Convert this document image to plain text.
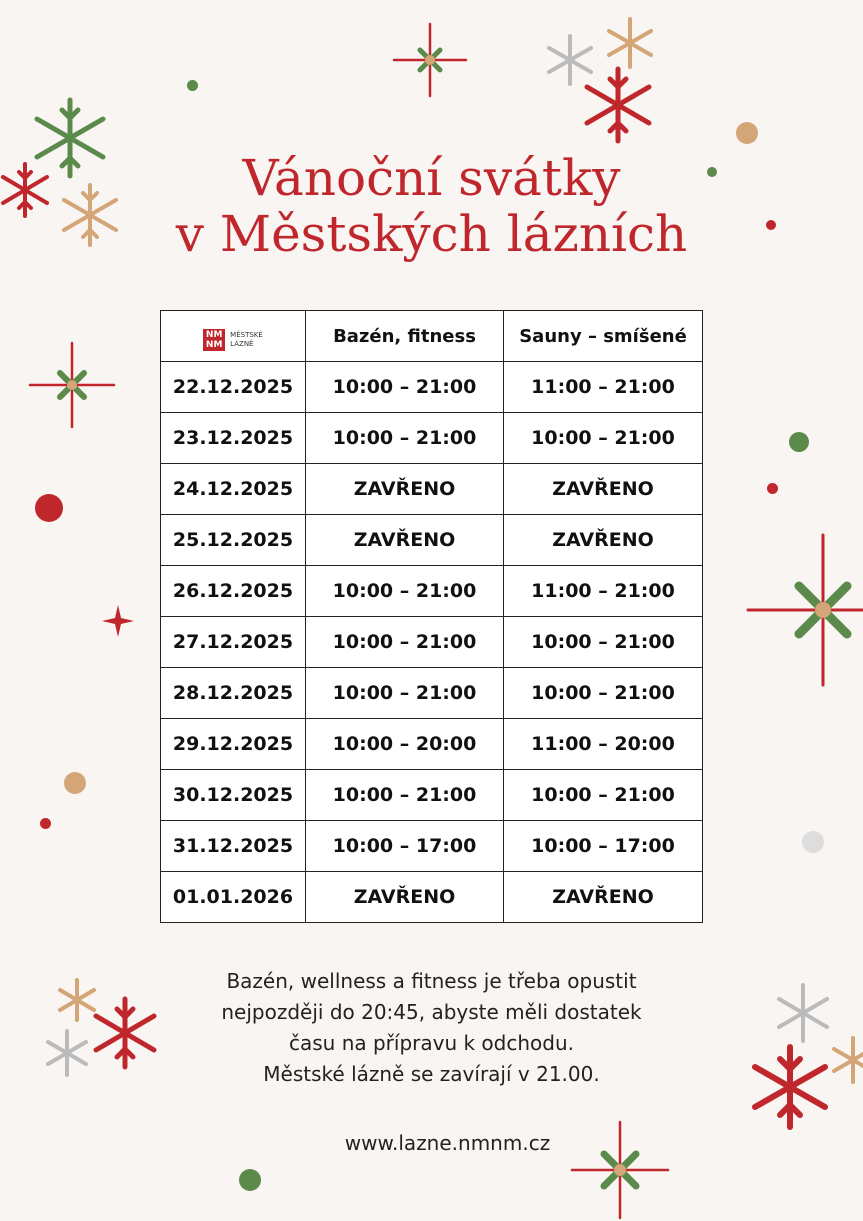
Vánoční svátky
v Městských lázních
NM
NM
MĚSTSKÉ
LÁZNĚ	Bazén, fitness	Sauny – smíšené
22.12.2025	10:00 – 21:00	11:00 – 21:00
23.12.2025	10:00 – 21:00	10:00 – 21:00
24.12.2025	ZAVŘENO	ZAVŘENO
25.12.2025	ZAVŘENO	ZAVŘENO
26.12.2025	10:00 – 21:00	11:00 – 21:00
27.12.2025	10:00 – 21:00	10:00 – 21:00
28.12.2025	10:00 – 21:00	10:00 – 21:00
29.12.2025	10:00 – 20:00	11:00 – 20:00
30.12.2025	10:00 – 21:00	10:00 – 21:00
31.12.2025	10:00 – 17:00	10:00 – 17:00
01.01.2026	ZAVŘENO	ZAVŘENO
Bazén, wellness a fitness je třeba opustit
nejpozději do 20:45, abyste měli dostatek
času na přípravu k odchodu.
Městské lázně se zavírají v 21.00.
www.lazne.nmnm.cz
